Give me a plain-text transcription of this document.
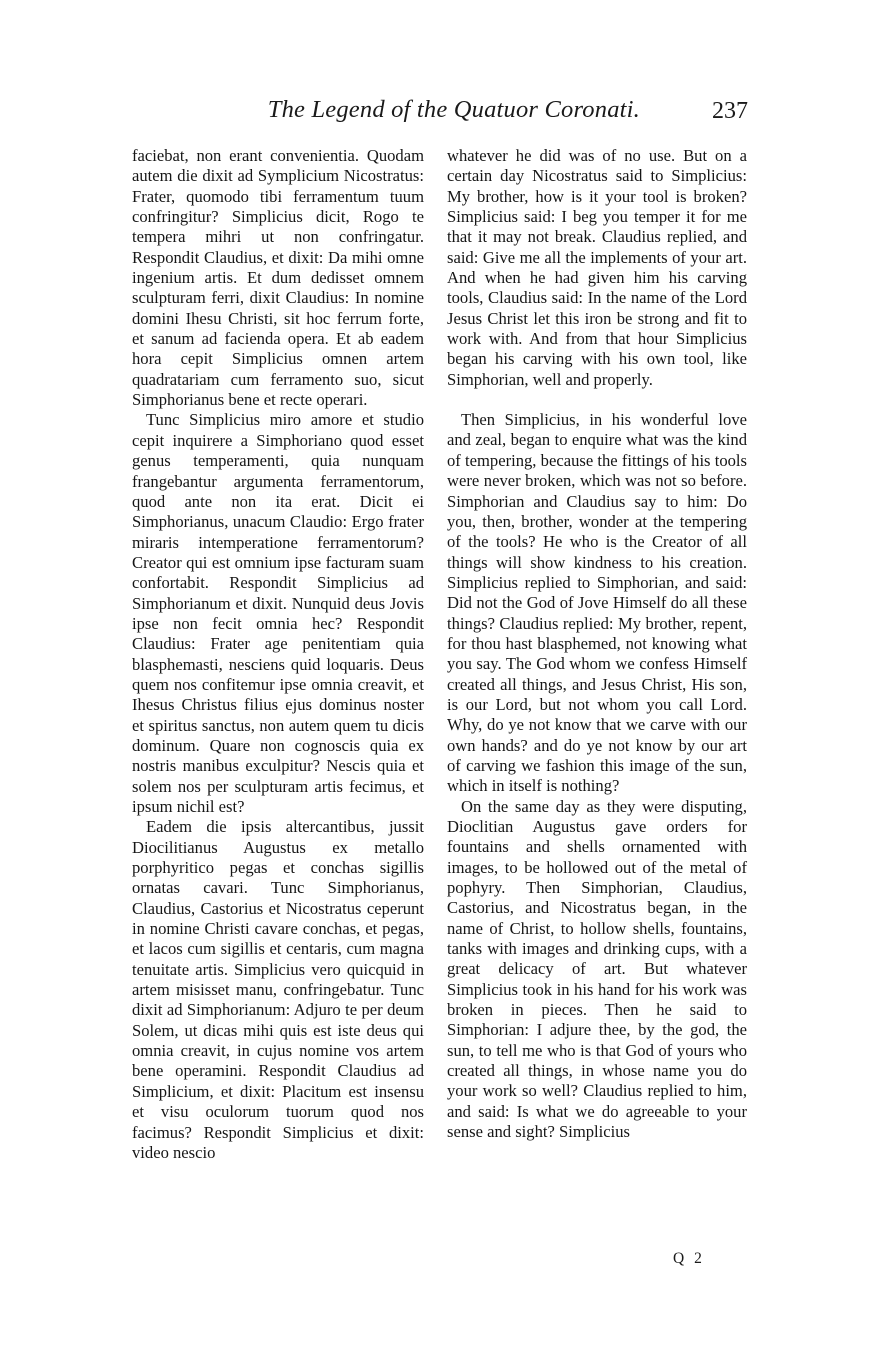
The Legend of the Quatuor Coronati.	237

faciebat, non erant convenientia. Quodam autem die dixit ad Symplicium Nicostratus: Frater, quomodo tibi ferramentum tuum confringitur? Simplicius dicit, Rogo te tempera mihri ut non confringatur. Respondit Claudius, et dixit: Da mihi omne ingenium artis. Et dum dedisset omnem sculpturam ferri, dixit Claudius: In nomine domini Ihesu Christi, sit hoc ferrum forte, et sanum ad facienda opera. Et ab eadem hora cepit Simplicius omnen artem quadratariam cum ferramento suo, sicut Simphorianus bene et recte operari.

Tunc Simplicius miro amore et studio cepit inquirere a Simphoriano quod esset genus temperamenti, quia nunquam frangebantur argumenta ferramentorum, quod ante non ita erat. Dicit ei Simphorianus, unacum Claudio: Ergo frater miraris intemperatione ferramentorum? Creator qui est omnium ipse facturam suam confortabit. Respondit Simplicius ad Simphorianum et dixit. Nunquid deus Jovis ipse non fecit omnia hec? Respondit Claudius: Frater age penitentiam quia blasphemasti, nesciens quid loquaris. Deus quem nos confitemur ipse omnia creavit, et Ihesus Christus filius ejus dominus noster et spiritus sanctus, non autem quem tu dicis dominum. Quare non cognoscis quia ex nostris manibus exculpitur? Nescis quia et solem nos per sculpturam artis fecimus, et ipsum nichil est?

Eadem die ipsis altercantibus, jussit Diocilitianus Augustus ex metallo porphyritico pegas et conchas sigillis ornatas cavari. Tunc Simphorianus, Claudius, Castorius et Nicostratus ceperunt in nomine Christi cavare conchas, et pegas, et lacos cum sigillis et centaris, cum magna tenuitate artis. Simplicius vero quicquid in artem misisset manu, confringebatur. Tunc dixit ad Simphorianum: Adjuro te per deum Solem, ut dicas mihi quis est iste deus qui omnia creavit, in cujus nomine vos artem bene operamini. Respondit Claudius ad Simplicium, et dixit: Placitum est insensu et visu oculorum tuorum quod nos facimus? Respondit Simplicius et dixit: video nescio

whatever he did was of no use. But on a certain day Nicostratus said to Simplicius: My brother, how is it your tool is broken? Simplicius said: I beg you temper it for me that it may not break. Claudius replied, and said: Give me all the implements of your art. And when he had given him his carving tools, Claudius said: In the name of the Lord Jesus Christ let this iron be strong and fit to work with. And from that hour Simplicius began his carving with his own tool, like Simphorian, well and properly.

Then Simplicius, in his wonderful love and zeal, began to enquire what was the kind of tempering, because the fittings of his tools were never broken, which was not so before. Simphorian and Claudius say to him: Do you, then, brother, wonder at the tempering of the tools? He who is the Creator of all things will show kindness to his creation. Simplicius replied to Simphorian, and said: Did not the God of Jove Himself do all these things? Claudius replied: My brother, repent, for thou hast blasphemed, not knowing what you say. The God whom we confess Himself created all things, and Jesus Christ, His son, is our Lord, but not whom you call Lord. Why, do ye not know that we carve with our own hands? and do ye not know by our art of carving we fashion this image of the sun, which in itself is nothing?

On the same day as they were disputing, Dioclitian Augustus gave orders for fountains and shells ornamented with images, to be hollowed out of the metal of pophyry. Then Simphorian, Claudius, Castorius, and Nicostratus began, in the name of Christ, to hollow shells, fountains, tanks with images and drinking cups, with a great delicacy of art. But whatever Simplicius took in his hand for his work was broken in pieces. Then he said to Simphorian: I adjure thee, by the god, the sun, to tell me who is that God of yours who created all things, in whose name you do your work so well? Claudius replied to him, and said: Is what we do agreeable to your sense and sight? Simplicius

Q 2
